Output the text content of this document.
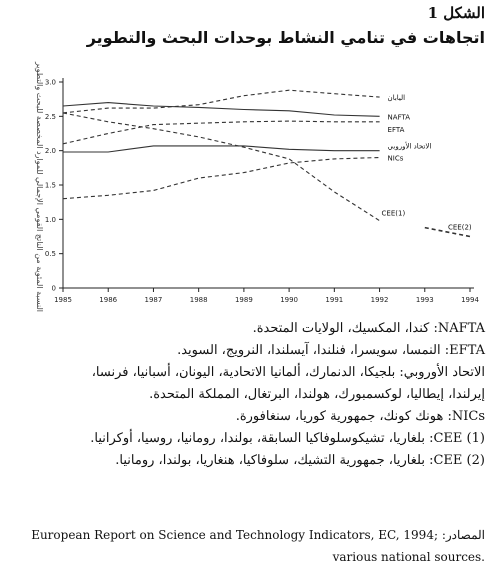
الشكل 1
اتجاهات في تنامي النشاط بوحدات البحث والتطوير
0
0.5
1.0
1.5
2.0
2.5
3.0
1985	1986	1987	1988	1989	1990	1991	1992	1993	1994
اليابان
NAFTA
EFTA
الاتحاد الأوروبي
NICs
CEE(1)
CEE(2)
النسبة المئوية من الناتج القومي الإجمالي للموارد المخصصة للبحث والتطوير
NAFTA: كندا، المكسيك، الولايات المتحدة.
EFTA: النمسا، سويسرا، فنلندا، آيسلندا، النرويج، السويد.
الاتحاد الأوروبي: بلجيكا، الدنمارك، ألمانيا الاتحادية، اليونان، أسبانيا، فرنسا،
إيرلندا، إيطاليا، لوكسمبورك، هولندا، البرتغال، المملكة المتحدة.
NICs: هونك كونك، جمهورية كوريا، سنغافورة.
(1) CEE: بلغاريا، تشيكوسلوفاكيا السابقة، بولندا، رومانيا، روسيا، أوكرانيا.
(2) CEE: بلغاريا، جمهورية التشيك، سلوفاكيا، هنغاريا، بولندا، رومانيا.
المصادر: European Report on Science and Technology Indicators, EC, 1994;
various national sources.
